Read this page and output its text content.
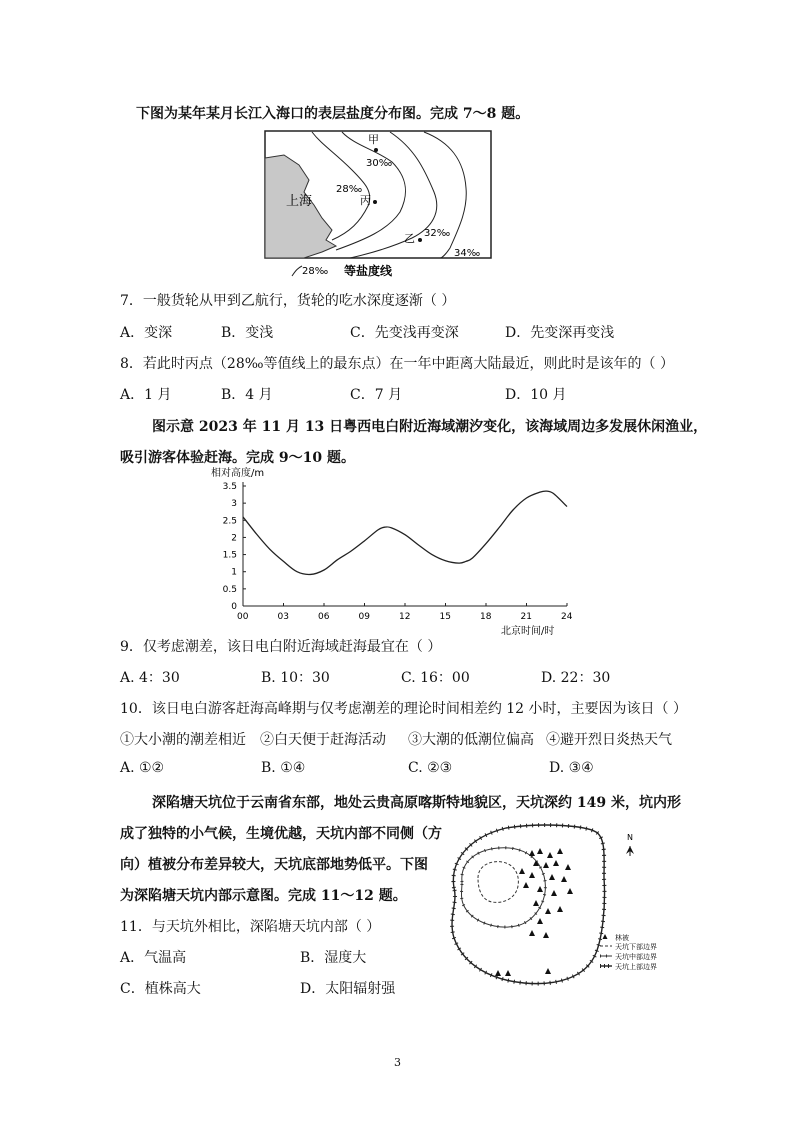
下图为某年某月长江入海口的表层盐度分布图。完成 7～8 题。
甲
30‰
28‰
丙
上海
乙 32‰
34‰
28‰ 等盐度线
7．一般货轮从甲到乙航行，货轮的吃水深度逐渐（ ）
A．变深	B．变浅	C．先变浅再变深	D．先变深再变浅
8．若此时丙点（28‰等值线上的最东点）在一年中距离大陆最近，则此时是该年的（ ）
A．1 月	B．4 月	C．7 月	D．10 月
图示意 2023 年 11 月 13 日粤西电白附近海域潮汐变化，该海域周边多发展休闲渔业，
吸引游客体验赶海。完成 9～10 题。
相对高度/m
北京时间/时
00	03	06	09	12	15	18	21	24
0
0.5
1
1.5
2
2.5
3
3.5
9．仅考虑潮差，该日电白附近海域赶海最宜在（ ）
A. 4：30	B. 10：30	C. 16：00	D. 22：30
10．该日电白游客赶海高峰期与仅考虑潮差的理论时间相差约 12 小时，主要因为该日（ ）
①大小潮的潮差相近 ②白天便于赶海活动 ③大潮的低潮位偏高 ④避开烈日炎热天气
A. ①②	B. ①④	C. ②③	D. ③④
深陷塘天坑位于云南省东部，地处云贵高原喀斯特地貌区，天坑深约 149 米，坑内形
成了独特的小气候，生境优越，天坑内部不同侧（方
向）植被分布差异较大，天坑底部地势低平。下图
为深陷塘天坑内部示意图。完成 11～12 题。
N
林被
天坑下部边界
天坑中部边界
天坑上部边界
11．与天坑外相比，深陷塘天坑内部（ ）
A．气温高	B．湿度大
C．植株高大	D．太阳辐射强
3
